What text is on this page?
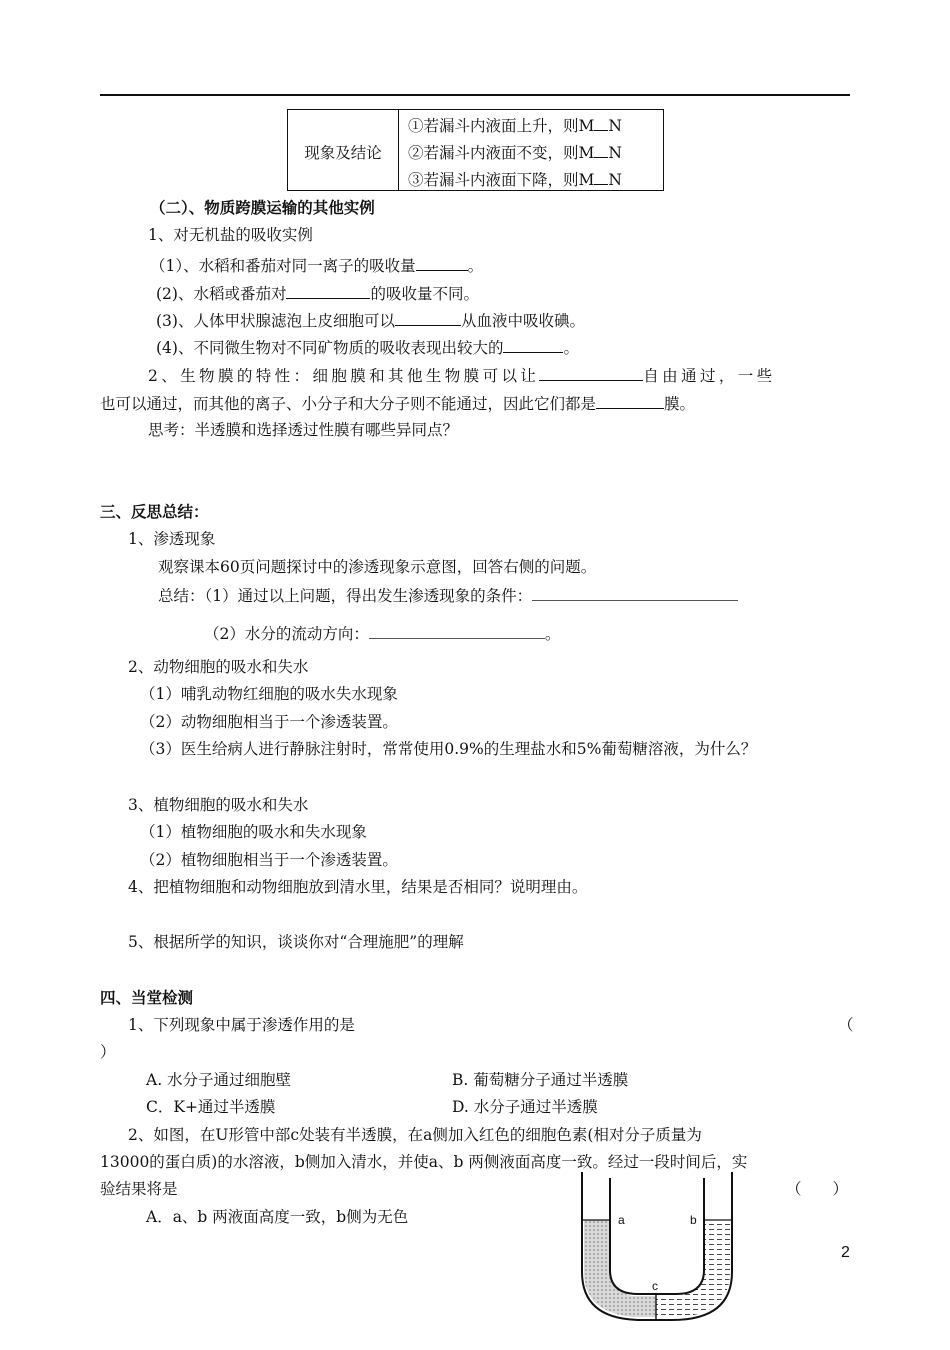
现象及结论
①若漏斗内液面上升，则M N
②若漏斗内液面不变，则M N
③若漏斗内液面下降，则M N
（二）、物质跨膜运输的其他实例
1、对无机盐的吸收实例
（1）、水稻和番茄对同一离子的吸收量	。
(2)、水稻或番茄对	的吸收量不同。
(3)、人体甲状腺滤泡上皮细胞可以	从血液中吸收碘。
(4)、不同微生物对不同矿物质的吸收表现出较大的	。
2、生物膜的特性：细胞膜和其他生物膜可以让	自由通过，一些
也可以通过，而其他的离子、小分子和大分子则不能通过，因此它们都是	膜。
思考：半透膜和选择透过性膜有哪些异同点？
三、反思总结：
1、渗透现象
观察课本60页问题探讨中的渗透现象示意图，回答右侧的问题。
总结：（1）通过以上问题，得出发生渗透现象的条件：
（2）水分的流动方向：	。
2、动物细胞的吸水和失水
（1）哺乳动物红细胞的吸水失水现象
（2）动物细胞相当于一个渗透装置。
（3）医生给病人进行静脉注射时，常常使用0.9%的生理盐水和5%葡萄糖溶液，为什么？
3、植物细胞的吸水和失水
（1）植物细胞的吸水和失水现象
（2）植物细胞相当于一个渗透装置。
4、把植物细胞和动物细胞放到清水里，结果是否相同？说明理由。
5、根据所学的知识，谈谈你对“合理施肥”的理解
四、当堂检测
1、下列现象中属于渗透作用的是	（
）
A. 水分子通过细胞壁	B. 葡萄糖分子通过半透膜
C．K+通过半透膜	D. 水分子通过半透膜
2、如图，在U形管中部c处装有半透膜，在a侧加入红色的细胞色素(相对分子质量为
13000的蛋白质)的水溶液，b侧加入清水，并使a、b 两侧液面高度一致。经过一段时间后，实
验结果将是	（　　）
A．a、b 两液面高度一致，b侧为无色	a	b
c
2
